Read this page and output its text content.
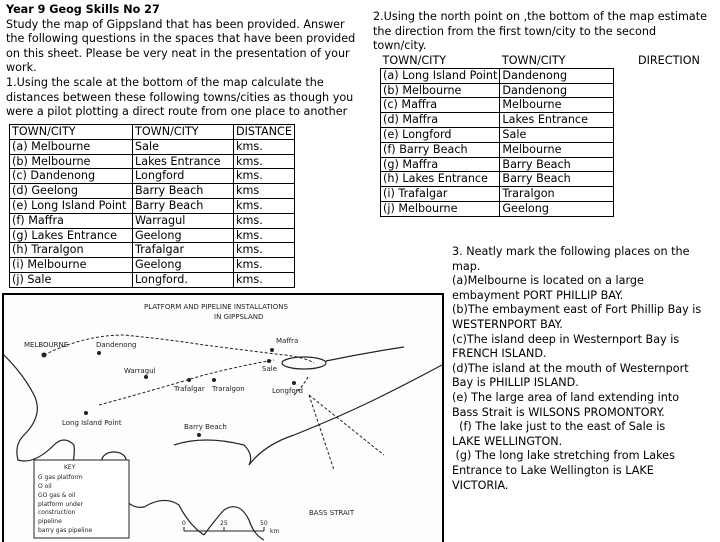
Year 9 Geog Skills No 27
Study the map of Gippsland that has been provided. Answer
the following questions in the spaces that have been provided
on this sheet. Please be very neat in the presentation of your
work.
1.Using the scale at the bottom of the map calculate the
distances between these following towns/cities as though you
were a pilot plotting a direct route from one place to another
TOWN/CITY	TOWN/CITY	DISTANCE
(a) Melbourne	Sale	kms.
(b) Melbourne	Lakes Entrance	kms.
(c) Dandenong	Longford	kms.
(d) Geelong	Barry Beach	kms
(e) Long Island Point	Barry Beach	kms.
(f) Maffra	Warragul	kms.
(g) Lakes Entrance	Geelong	kms.
(h) Traralgon	Trafalgar	kms.
(i) Melbourne	Geelong	kms.
(j) Sale	Longford.	kms.
2.Using the north point on ,the bottom of the map estimate
the direction from the first town/city to the second
town/city.
TOWN/CITY	TOWN/CITY	DIRECTION
(a) Long Island Point	Dandenong	
(b) Melbourne	Dandenong	
(c) Maffra	Melbourne	
(d) Maffra	Lakes Entrance	
(e) Longford	Sale	
(f) Barry Beach	Melbourne	
(g) Maffra	Barry Beach	
(h) Lakes Entrance	Barry Beach	
(i) Trafalgar	Traralgon	
(j) Melbourne	Geelong	

3. Neatly mark the following places on the

map.

(a)Melbourne is located on a large

embayment PORT PHILLIP BAY.

(b)The embayment east of Fort Phillip Bay is

WESTERNPORT BAY.

(c)The island deep in Westernport Bay is

FRENCH ISLAND.

(d)The island at the mouth of Westernport

Bay is PHILLIP ISLAND.

(e) The large area of land extending into

Bass Strait is WILSONS PROMONTORY.

(f) The lake just to the east of Sale is

LAKE WELLINGTON.

(g) The long lake stretching from Lakes

Entrance to Lake Wellington is LAKE

VICTORIA.

PLATFORM AND PIPELINE INSTALLATIONS
IN GIPPSLAND
MELBOURNE	Dandenong	Maffra
Warragul	Sale
Trafalgar Traralgon	Longford
Long Island Point	Barry Beach
BASS STRAIT
KEY
G gas platform
O oil
GO gas & oil
platform under
construction
pipeline
barry gas pipeline
0	25	50
km
